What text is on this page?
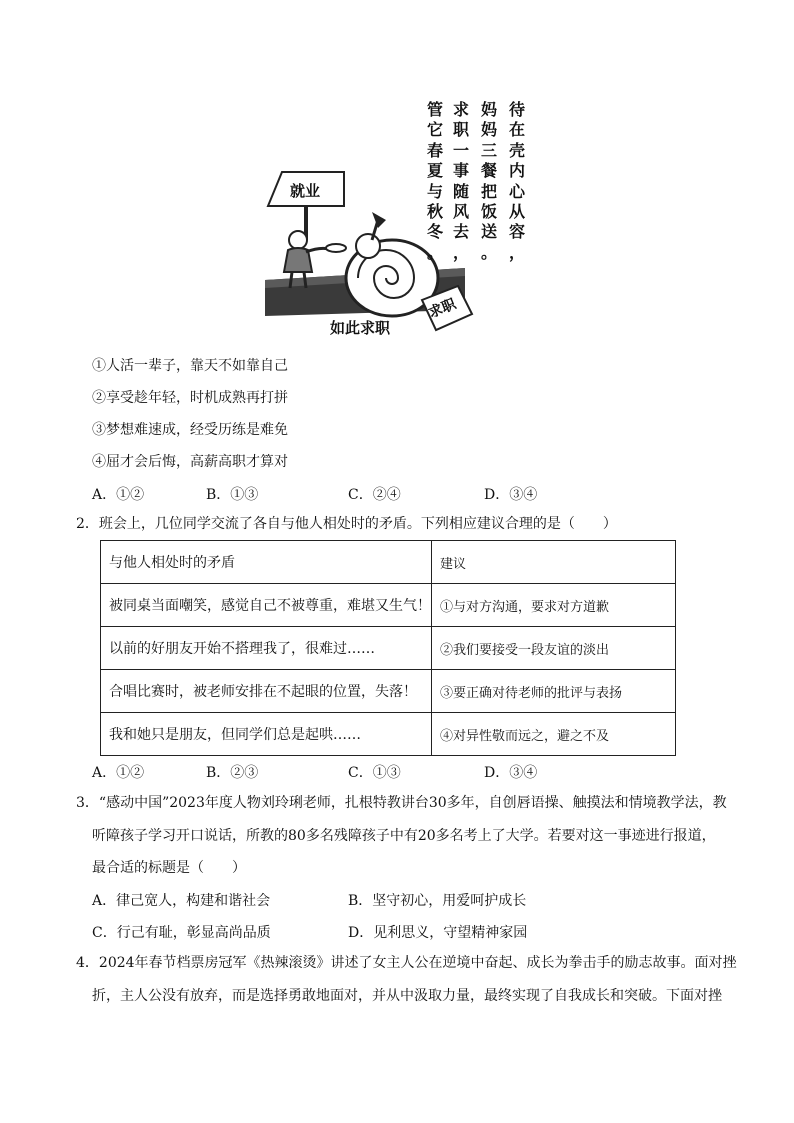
就业
求职
待
在
壳
内
心
从
容
，
妈
妈
三
餐
把
饭
送
。
求
职
一
事
随
风
去
，
管
它
春
夏
与
秋
冬
。
如此求职
①人活一辈子，靠天不如靠自己
②享受趁年轻，时机成熟再打拼
③梦想难速成，经受历练是难免
④屈才会后悔，高薪高职才算对
A．①②	B．①③	C．②④	D．③④
2．班会上，几位同学交流了各自与他人相处时的矛盾。下列相应建议合理的是（　　）
与他人相处时的矛盾	建议
被同桌当面嘲笑，感觉自己不被尊重，难堪又生气！	①与对方沟通，要求对方道歉
以前的好朋友开始不搭理我了，很难过……	②我们要接受一段友谊的淡出
合唱比赛时，被老师安排在不起眼的位置，失落！	③要正确对待老师的批评与表扬
我和她只是朋友，但同学们总是起哄……	④对异性敬而远之，避之不及
A．①②	B．②③	C．①③	D．③④
3．“感动中国”2023年度人物刘玲琍老师，扎根特教讲台30多年，自创唇语操、触摸法和情境教学法，教
听障孩子学习开口说话，所教的80多名残障孩子中有20多名考上了大学。若要对这一事迹进行报道，
最合适的标题是（　　）
A．律己宽人，构建和谐社会	B．坚守初心，用爱呵护成长
C．行己有耻，彰显高尚品质	D．见利思义，守望精神家园
4．2024年春节档票房冠军《热辣滚烫》讲述了女主人公在逆境中奋起、成长为拳击手的励志故事。面对挫
折，主人公没有放弃，而是选择勇敢地面对，并从中汲取力量，最终实现了自我成长和突破。下面对挫
